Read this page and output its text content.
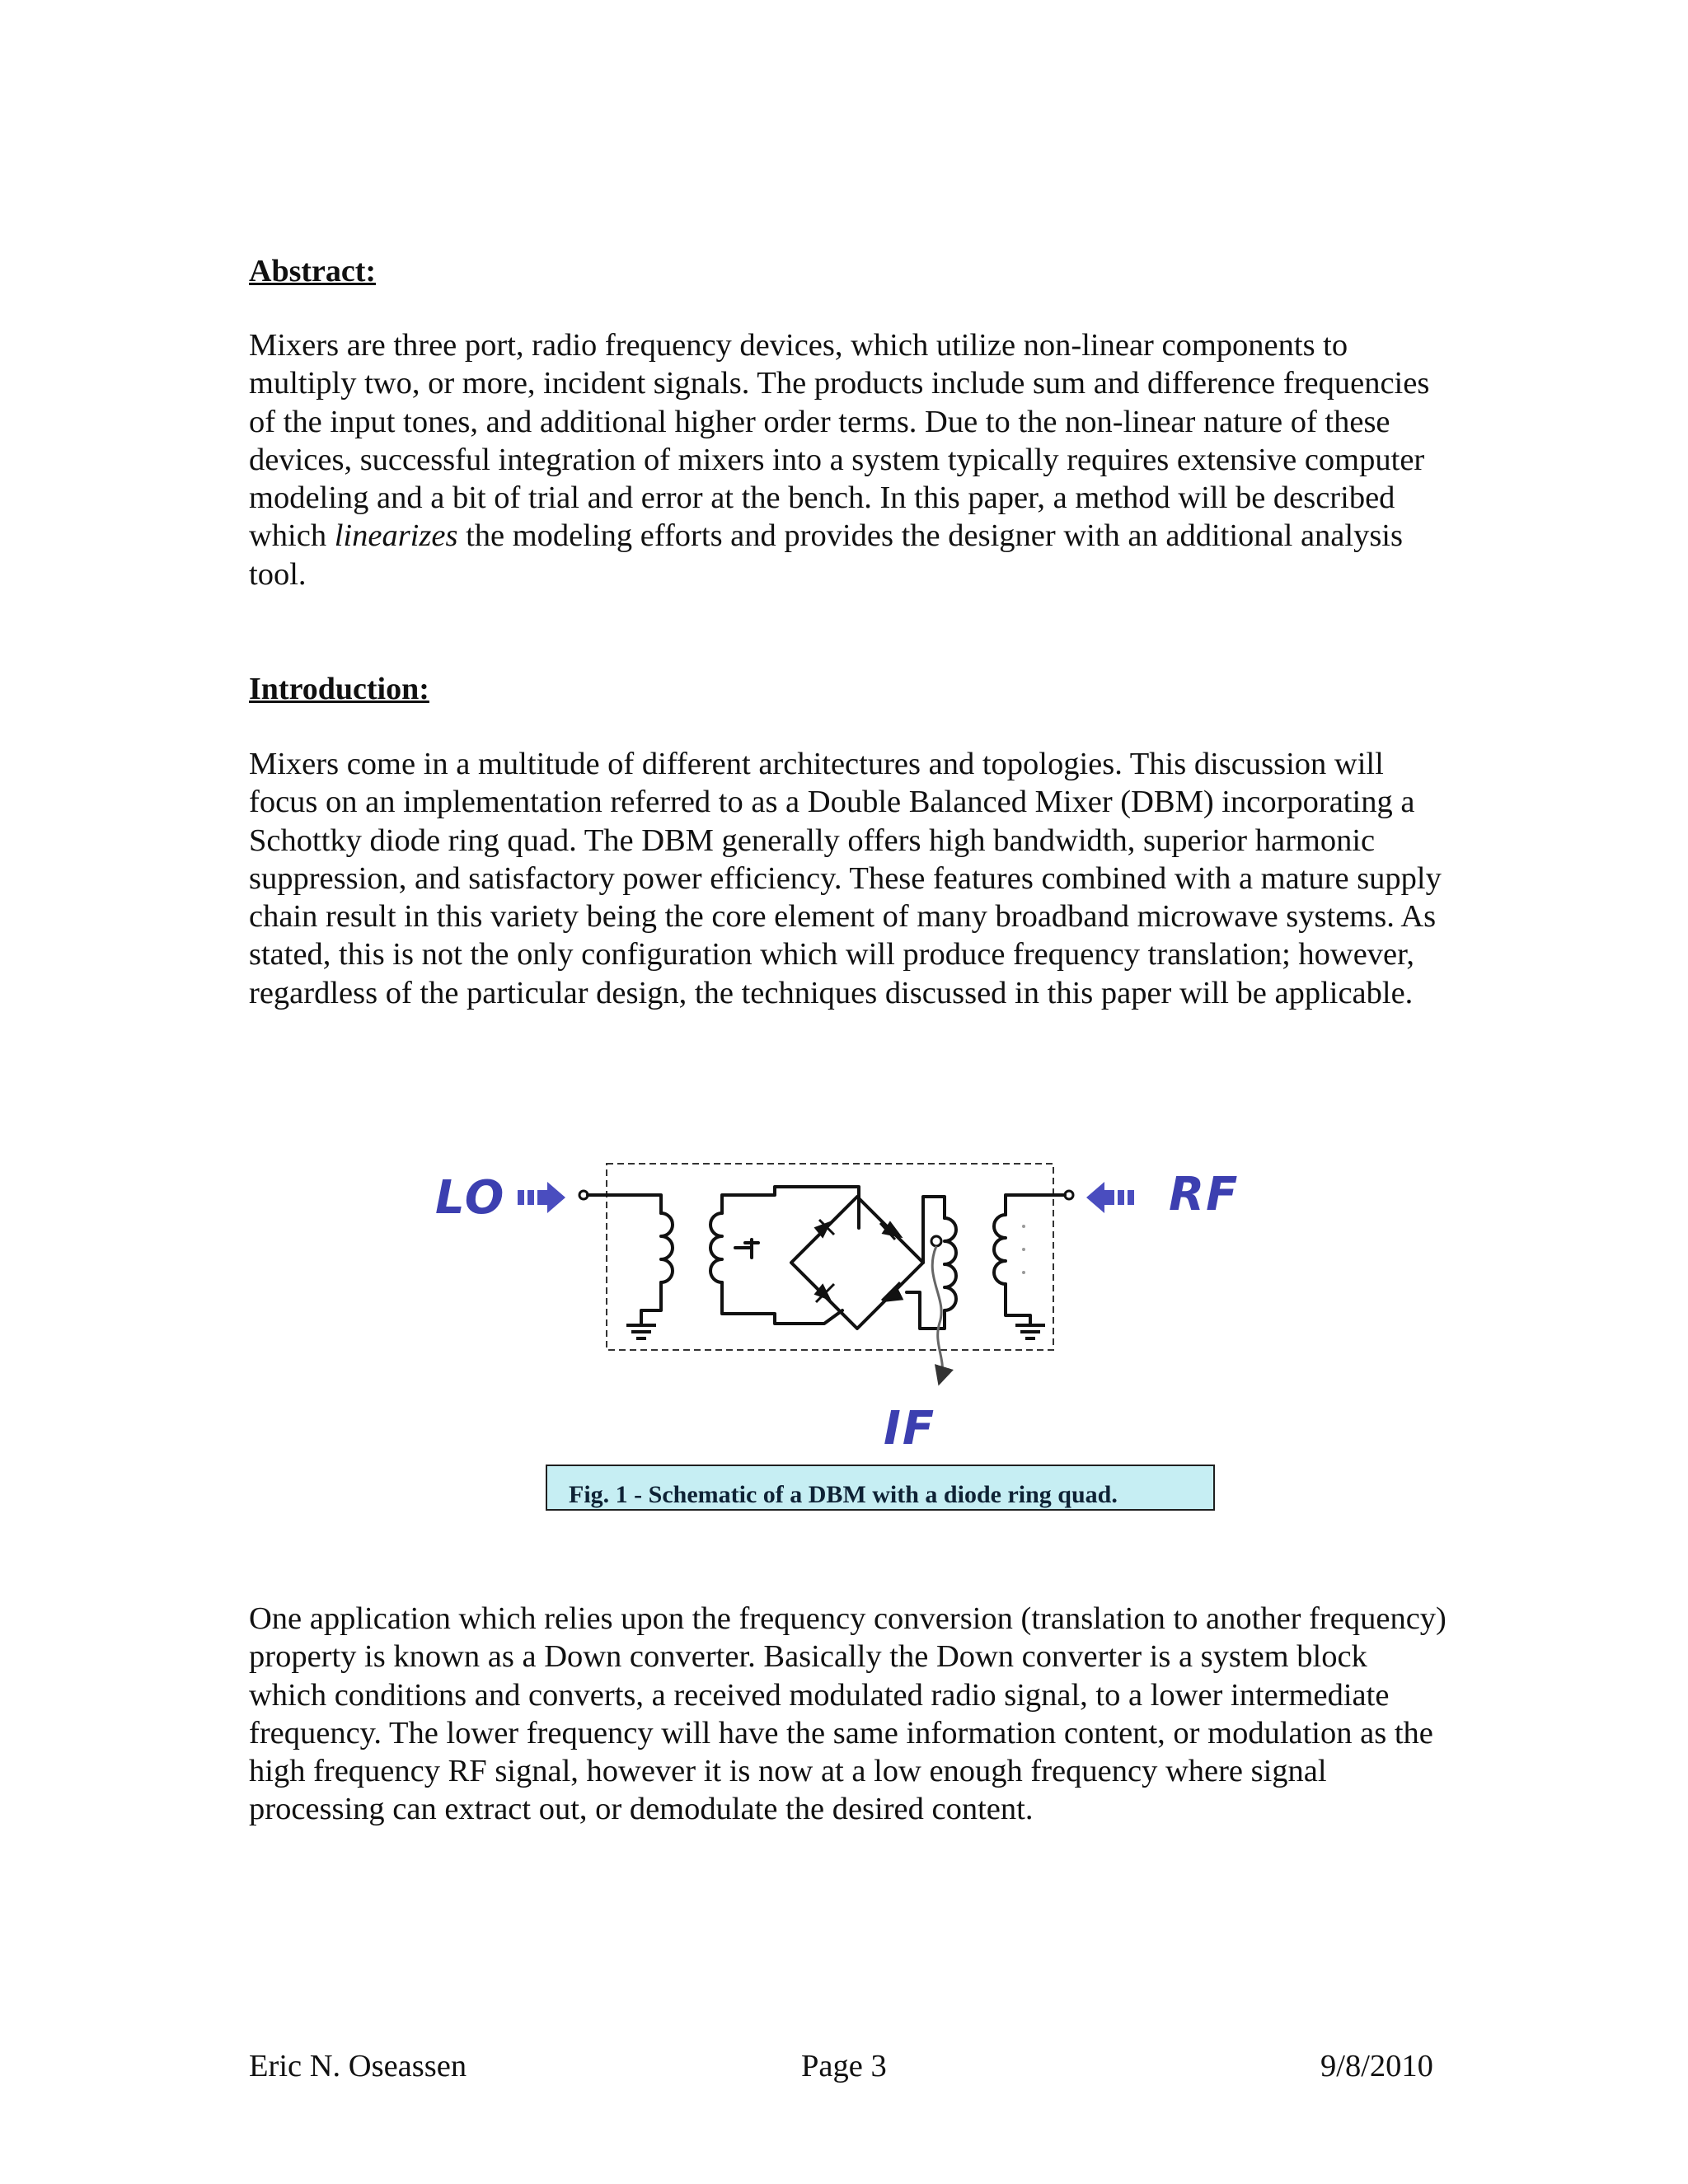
Abstract:

Mixers are three port, radio frequency devices, which utilize non-linear components to multiply two, or more, incident signals. The products include sum and difference frequencies of the input tones, and additional higher order terms. Due to the non-linear nature of these devices, successful integration of mixers into a system typically requires extensive computer modeling and a bit of trial and error at the bench. In this paper, a method will be described which linearizes the modeling efforts and provides the designer with an additional analysis tool.

Introduction:

Mixers come in a multitude of different architectures and topologies. This discussion will focus on an implementation referred to as a Double Balanced Mixer (DBM) incorporating a Schottky diode ring quad. The DBM generally offers high bandwidth, superior harmonic suppression, and satisfactory power efficiency. These features combined with a mature supply chain result in this variety being the core element of many broadband microwave systems. As stated, this is not the only configuration which will produce frequency translation; however, regardless of the particular design, the techniques discussed in this paper will be applicable.

LO	RF
IF
Fig. 1 - Schematic of a DBM with a diode ring quad.

One application which relies upon the frequency conversion (translation to another frequency) property is known as a Down converter. Basically the Down converter is a system block which conditions and converts, a received modulated radio signal, to a lower intermediate frequency. The lower frequency will have the same information content, or modulation as the high frequency RF signal, however it is now at a low enough frequency where signal processing can extract out, or demodulate the desired content.

Eric N. Oseassen	Page 3	9/8/2010
